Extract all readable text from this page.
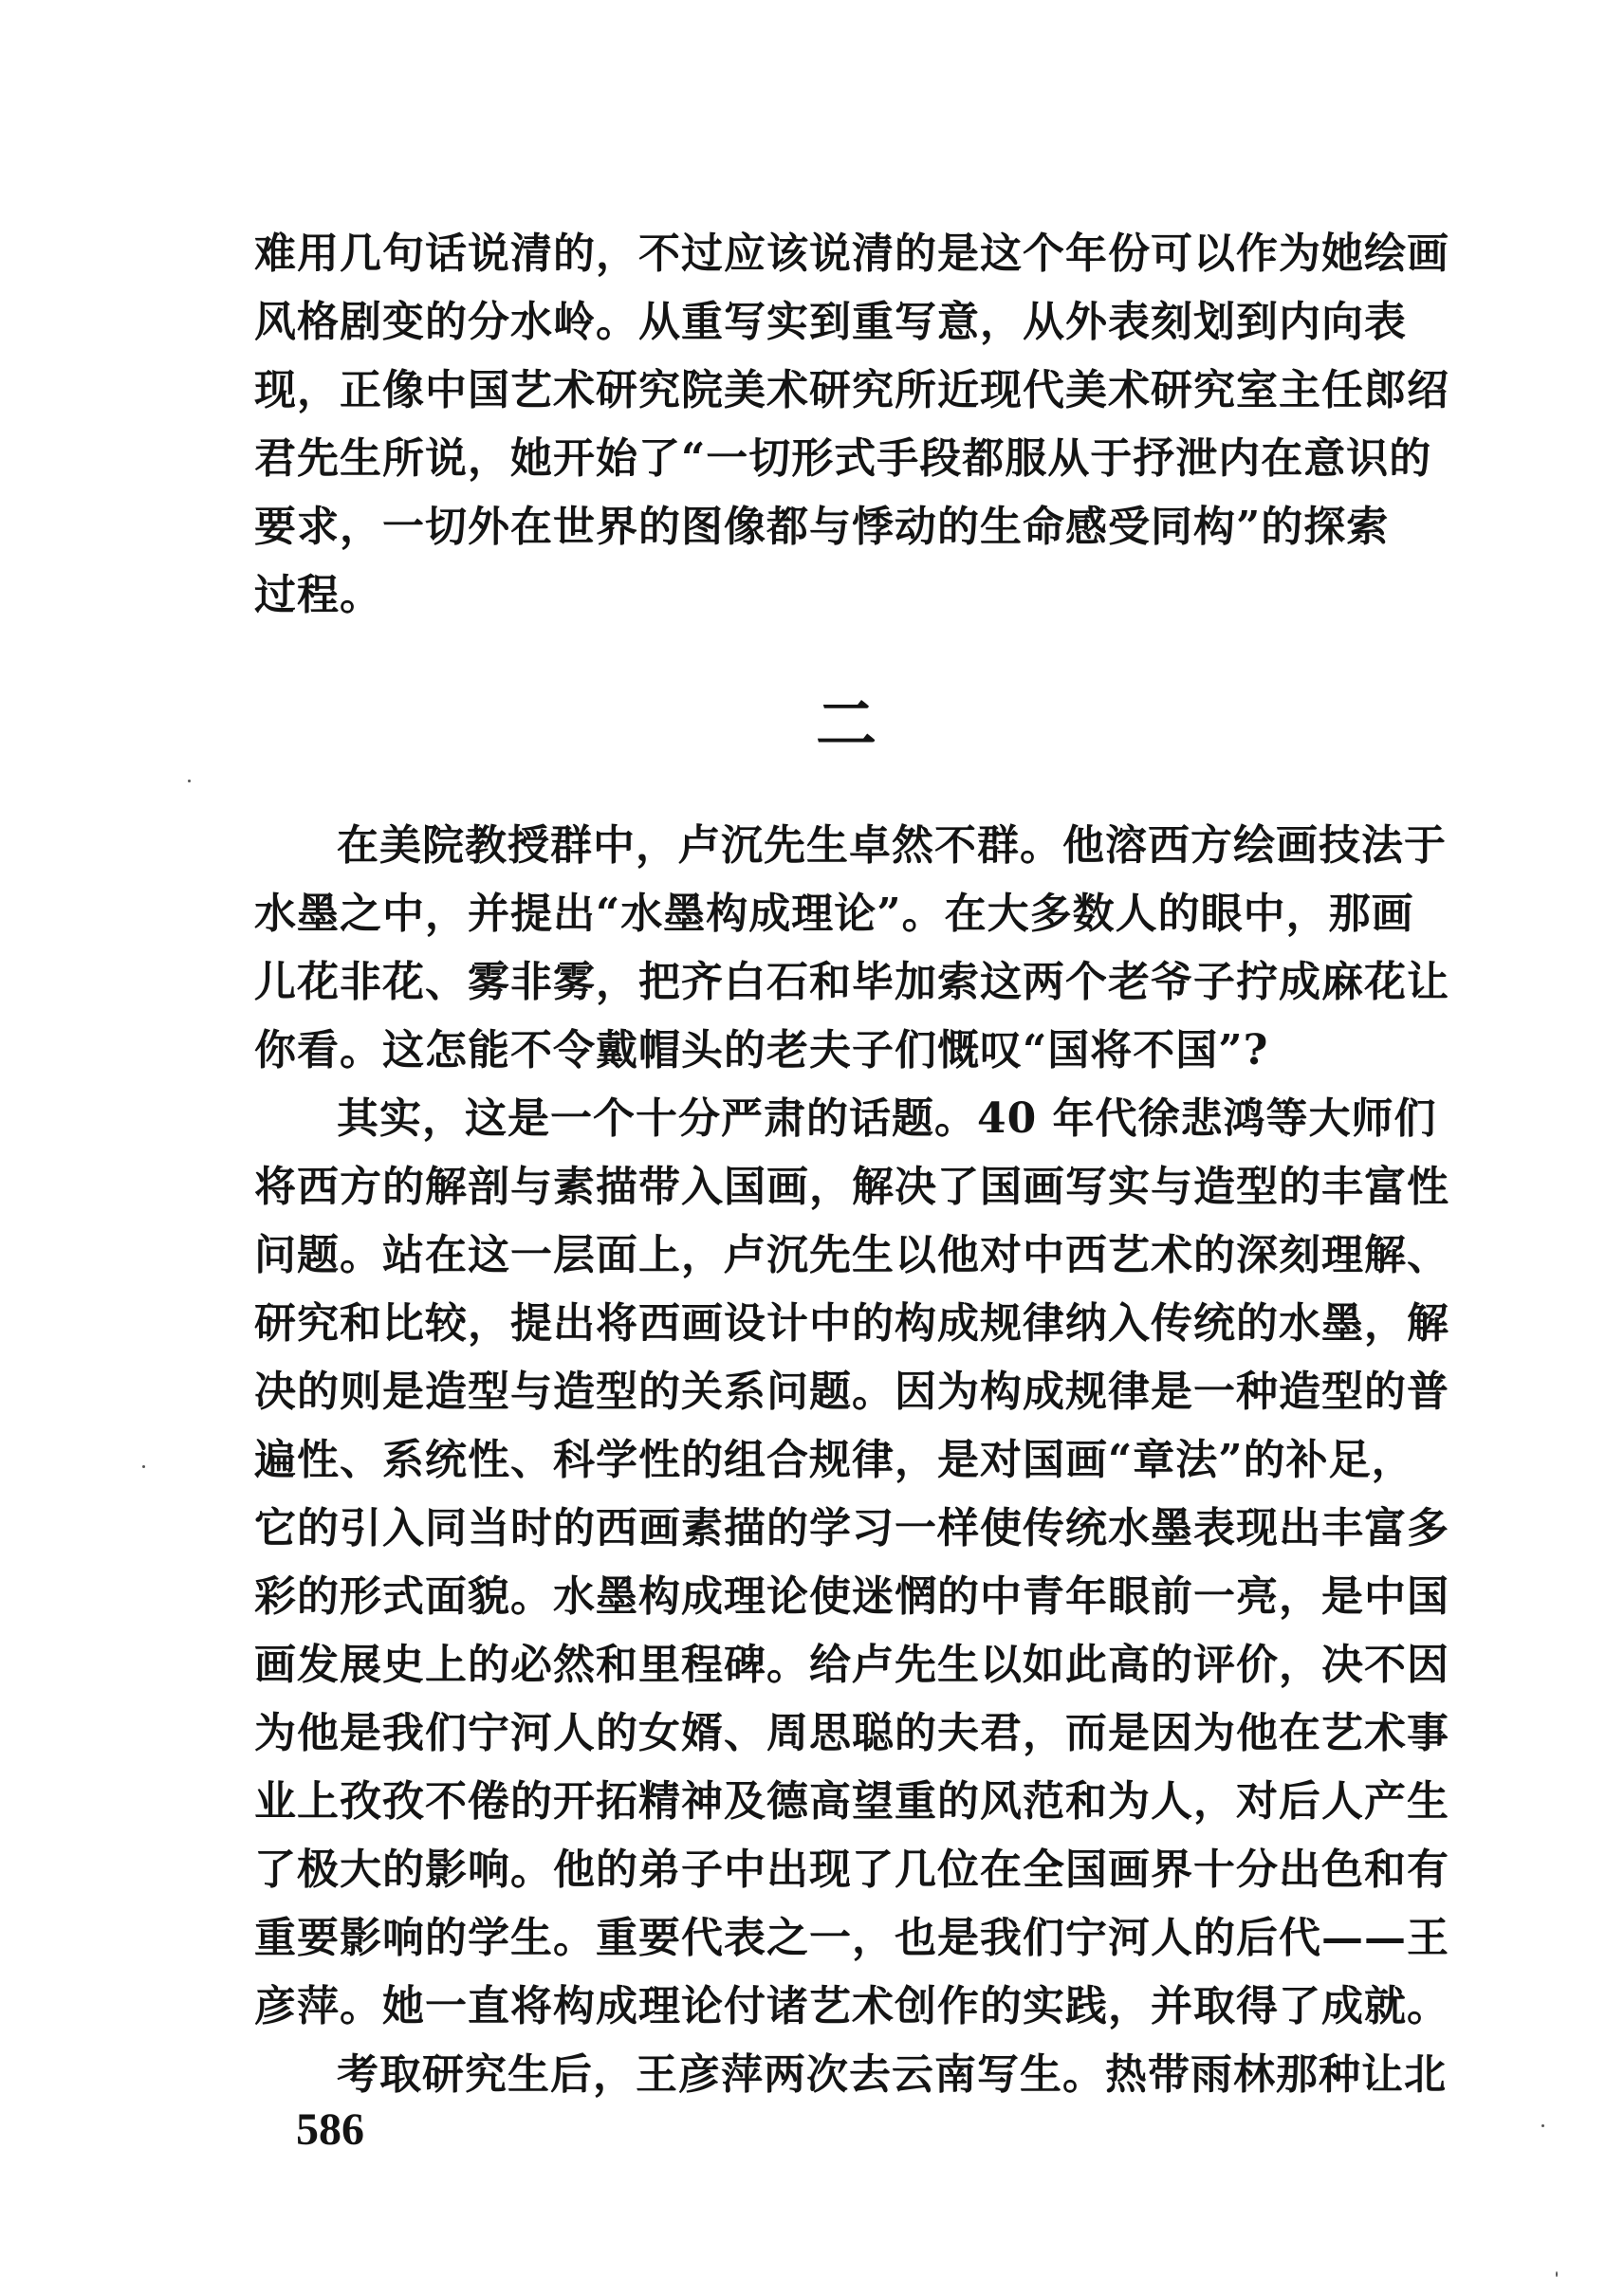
难用几句话说清的，不过应该说清的是这个年份可以作为她绘画
风格剧变的分水岭。从重写实到重写意，从外表刻划到内向表
现，正像中国艺术研究院美术研究所近现代美术研究室主任郎绍
君先生所说，她开始了“一切形式手段都服从于抒泄内在意识的
要求，一切外在世界的图像都与悸动的生命感受同构”的探索
过程。
二
在美院教授群中，卢沉先生卓然不群。他溶西方绘画技法于
水墨之中，并提出“水墨构成理论”。在大多数人的眼中，那画
儿花非花、雾非雾，把齐白石和毕加索这两个老爷子拧成麻花让
你看。这怎能不令戴帽头的老夫子们慨叹“国将不国”?
其实，这是一个十分严肃的话题。40 年代徐悲鸿等大师们
将西方的解剖与素描带入国画，解决了国画写实与造型的丰富性
问题。站在这一层面上，卢沉先生以他对中西艺术的深刻理解、
研究和比较，提出将西画设计中的构成规律纳入传统的水墨，解
决的则是造型与造型的关系问题。因为构成规律是一种造型的普
遍性、系统性、科学性的组合规律，是对国画“章法”的补足，
它的引入同当时的西画素描的学习一样使传统水墨表现出丰富多
彩的形式面貌。水墨构成理论使迷惘的中青年眼前一亮，是中国
画发展史上的必然和里程碑。给卢先生以如此高的评价，决不因
为他是我们宁河人的女婿、周思聪的夫君，而是因为他在艺术事
业上孜孜不倦的开拓精神及德高望重的风范和为人，对后人产生
了极大的影响。他的弟子中出现了几位在全国画界十分出色和有
重要影响的学生。重要代表之一，也是我们宁河人的后代——王
彦萍。她一直将构成理论付诸艺术创作的实践，并取得了成就。
考取研究生后，王彦萍两次去云南写生。热带雨林那种让北
586
